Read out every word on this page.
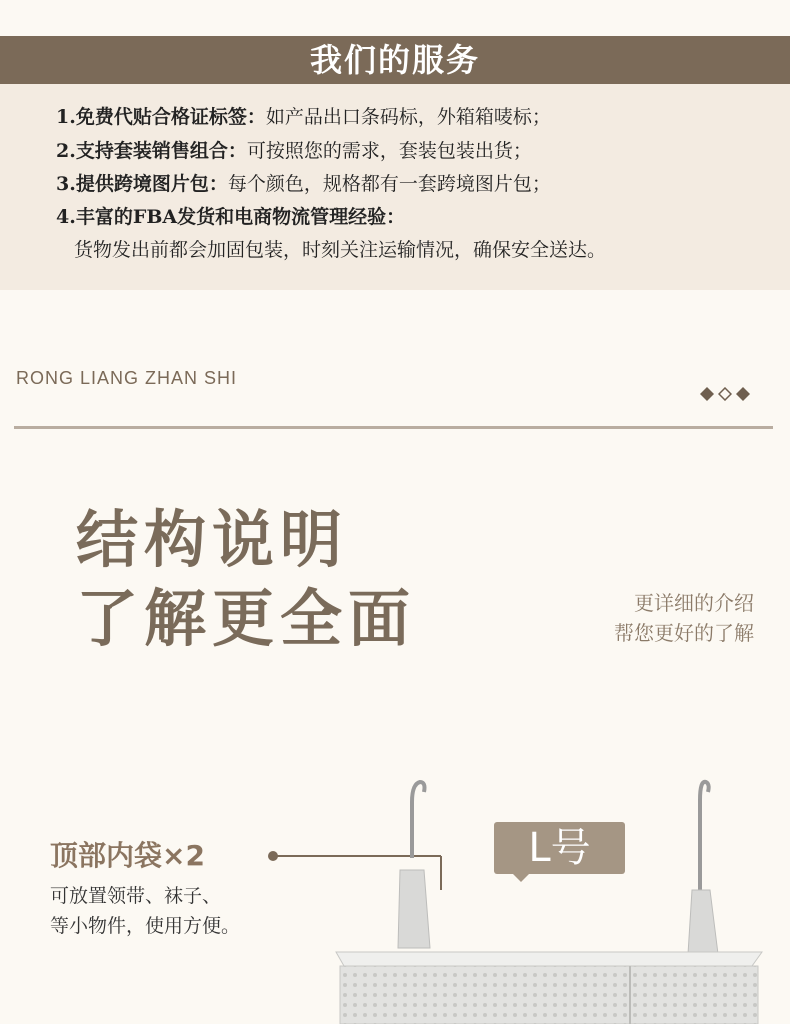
我们的服务
1.免费代贴合格证标签：如产品出口条码标，外箱箱唛标；
2.支持套装销售组合：可按照您的需求，套装包装出货；
3.提供跨境图片包：每个颜色，规格都有一套跨境图片包；
4.丰富的FBA发货和电商物流管理经验：
货物发出前都会加固包装，时刻关注运输情况，确保安全送达。
RONG LIANG ZHAN SHI
结构说明
了解更全面	更详细的介绍
帮您更好的了解
顶部内袋×2
可放置领带、袜子、
等小物件，使用方便。
L号
